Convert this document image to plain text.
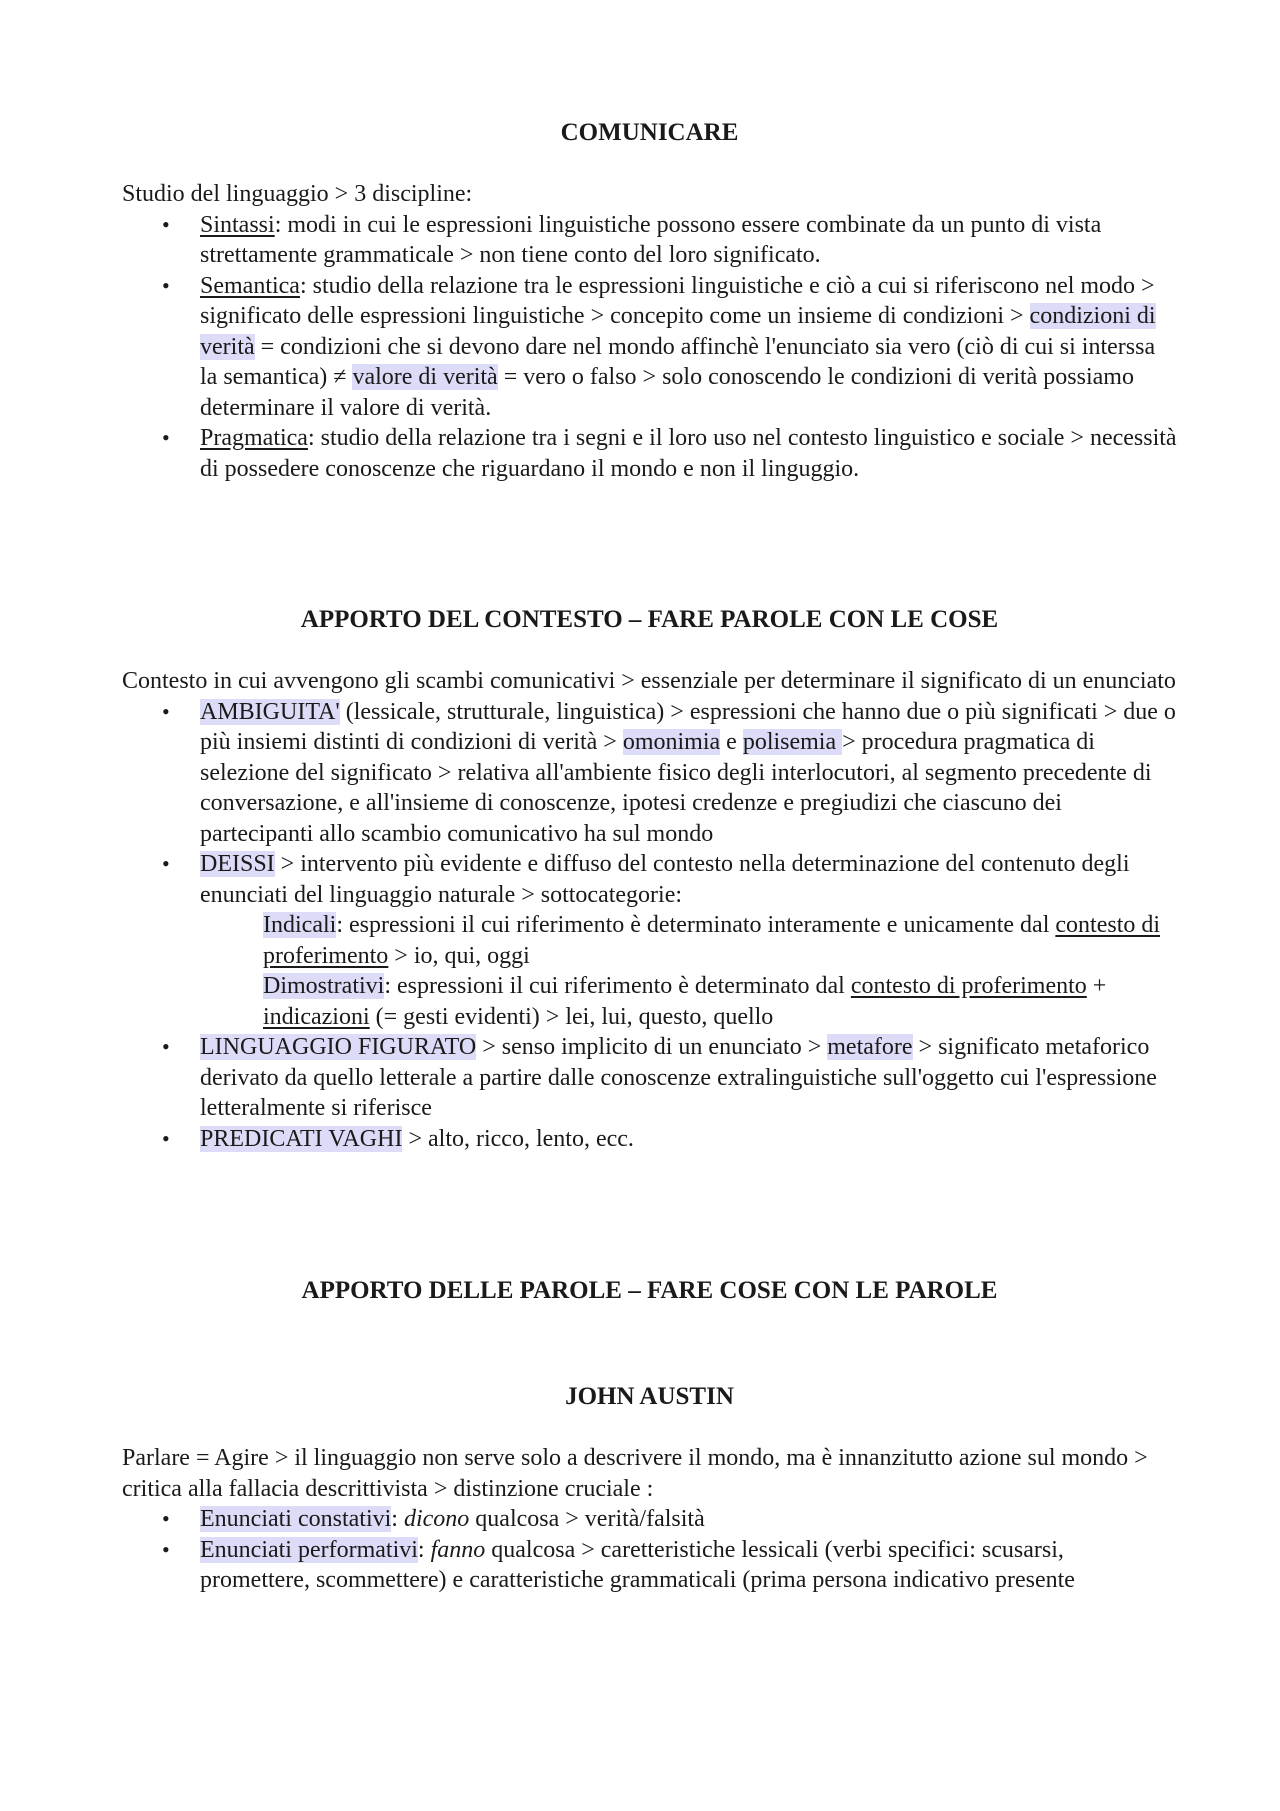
COMUNICARE

Studio del linguaggio > 3 discipline:

• Sintassi: modi in cui le espressioni linguistiche possono essere combinate da un punto di vista strettamente grammaticale > non tiene conto del loro significato.
• Semantica: studio della relazione tra le espressioni linguistiche e ciò a cui si riferiscono nel modo > significato delle espressioni linguistiche > concepito come un insieme di condizioni > condizioni di verità = condizioni che si devono dare nel mondo affinchè l'enunciato sia vero (ciò di cui si interssa la semantica) ≠ valore di verità = vero o falso > solo conoscendo le condizioni di verità possiamo determinare il valore di verità.
• Pragmatica: studio della relazione tra i segni e il loro uso nel contesto linguistico e sociale > necessità di possedere conoscenze che riguardano il mondo e non il linguggio.
APPORTO DEL CONTESTO – FARE PAROLE CON LE COSE

Contesto in cui avvengono gli scambi comunicativi > essenziale per determinare il significato di un enunciato

• AMBIGUITA' (lessicale, strutturale, linguistica) > espressioni che hanno due o più significati > due o più insiemi distinti di condizioni di verità > omonimia e polisemia > procedura pragmatica di selezione del significato > relativa all'ambiente fisico degli interlocutori, al segmento precedente di conversazione, e all'insieme di conoscenze, ipotesi credenze e pregiudizi che ciascuno dei partecipanti allo scambio comunicativo ha sul mondo
• DEISSI > intervento più evidente e diffuso del contesto nella determinazione del contenuto degli enunciati del linguaggio naturale > sottocategorie:

Indicali: espressioni il cui riferimento è determinato interamente e unicamente dal contesto di proferimento > io, qui, oggi

Dimostrativi: espressioni il cui riferimento è determinato dal contesto di proferimento + indicazioni (= gesti evidenti) > lei, lui, questo, quello

• LINGUAGGIO FIGURATO > senso implicito di un enunciato > metafore > significato metaforico derivato da quello letterale a partire dalle conoscenze extralinguistiche sull'oggetto cui l'espressione letteralmente si riferisce
• PREDICATI VAGHI > alto, ricco, lento, ecc.
APPORTO DELLE PAROLE – FARE COSE CON LE PAROLE
JOHN AUSTIN

Parlare = Agire > il linguaggio non serve solo a descrivere il mondo, ma è innanzitutto azione sul mondo > critica alla fallacia descrittivista > distinzione cruciale :

• Enunciati constativi: dicono qualcosa > verità/falsità
• Enunciati performativi: fanno qualcosa > caretteristiche lessicali (verbi specifici: scusarsi, promettere, scommettere) e caratteristiche grammaticali (prima persona indicativo presente
